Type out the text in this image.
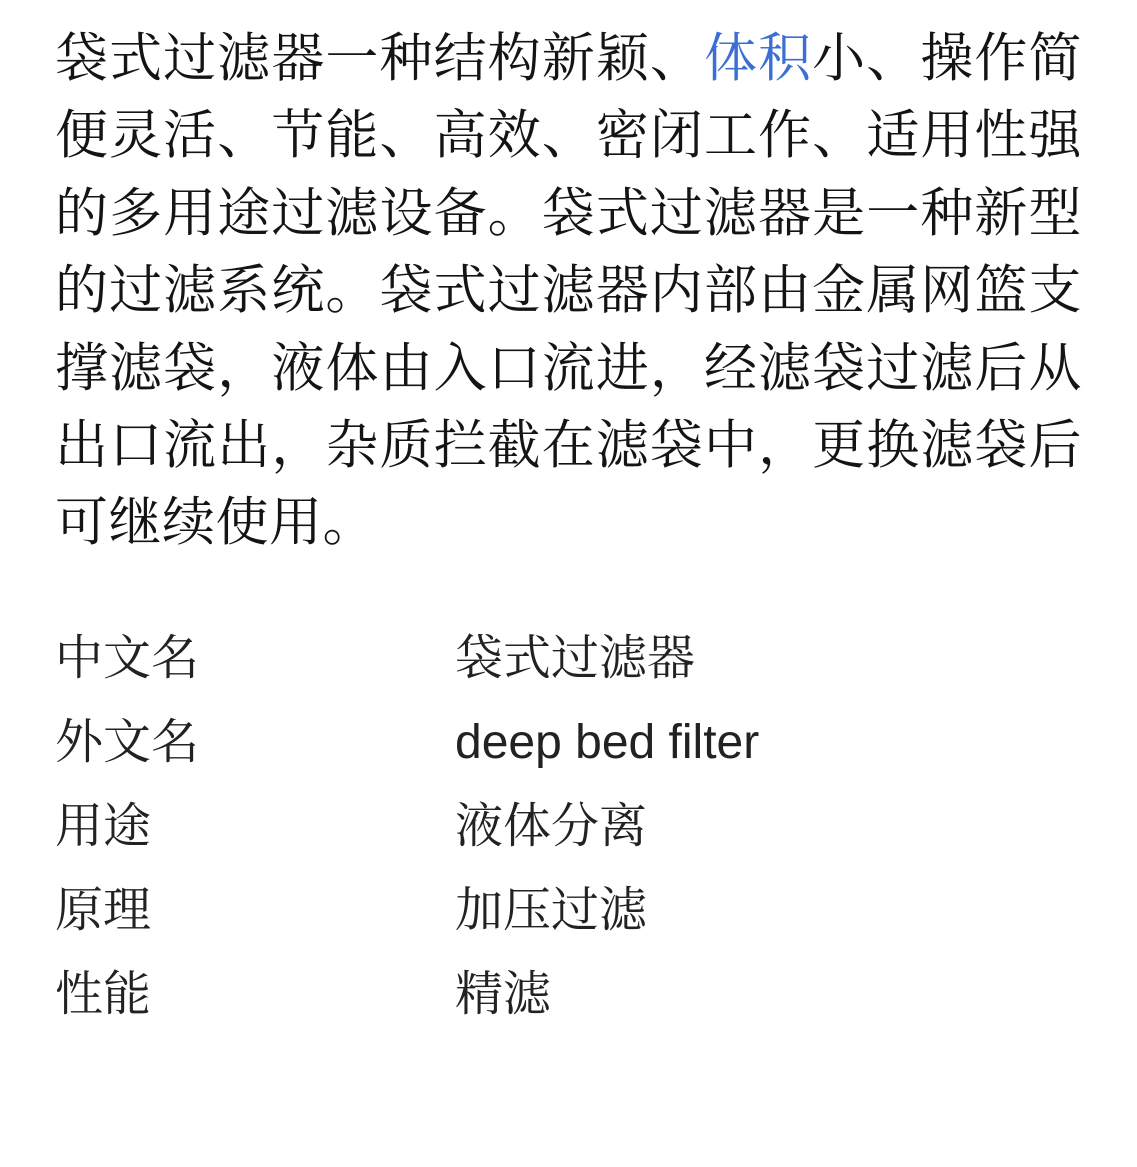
袋式过滤器一种结构新颖、体积小、操作简便灵活、节能、高效、密闭工作、适用性强的多用途过滤设备。袋式过滤器是一种新型的过滤系统。袋式过滤器内部由金属网篮支撑滤袋，液体由入口流进，经滤袋过滤后从出口流出，杂质拦截在滤袋中，更换滤袋后可继续使用。

中文名	袋式过滤器
外文名	deep bed filter
用途	液体分离
原理	加压过滤
性能	精滤
